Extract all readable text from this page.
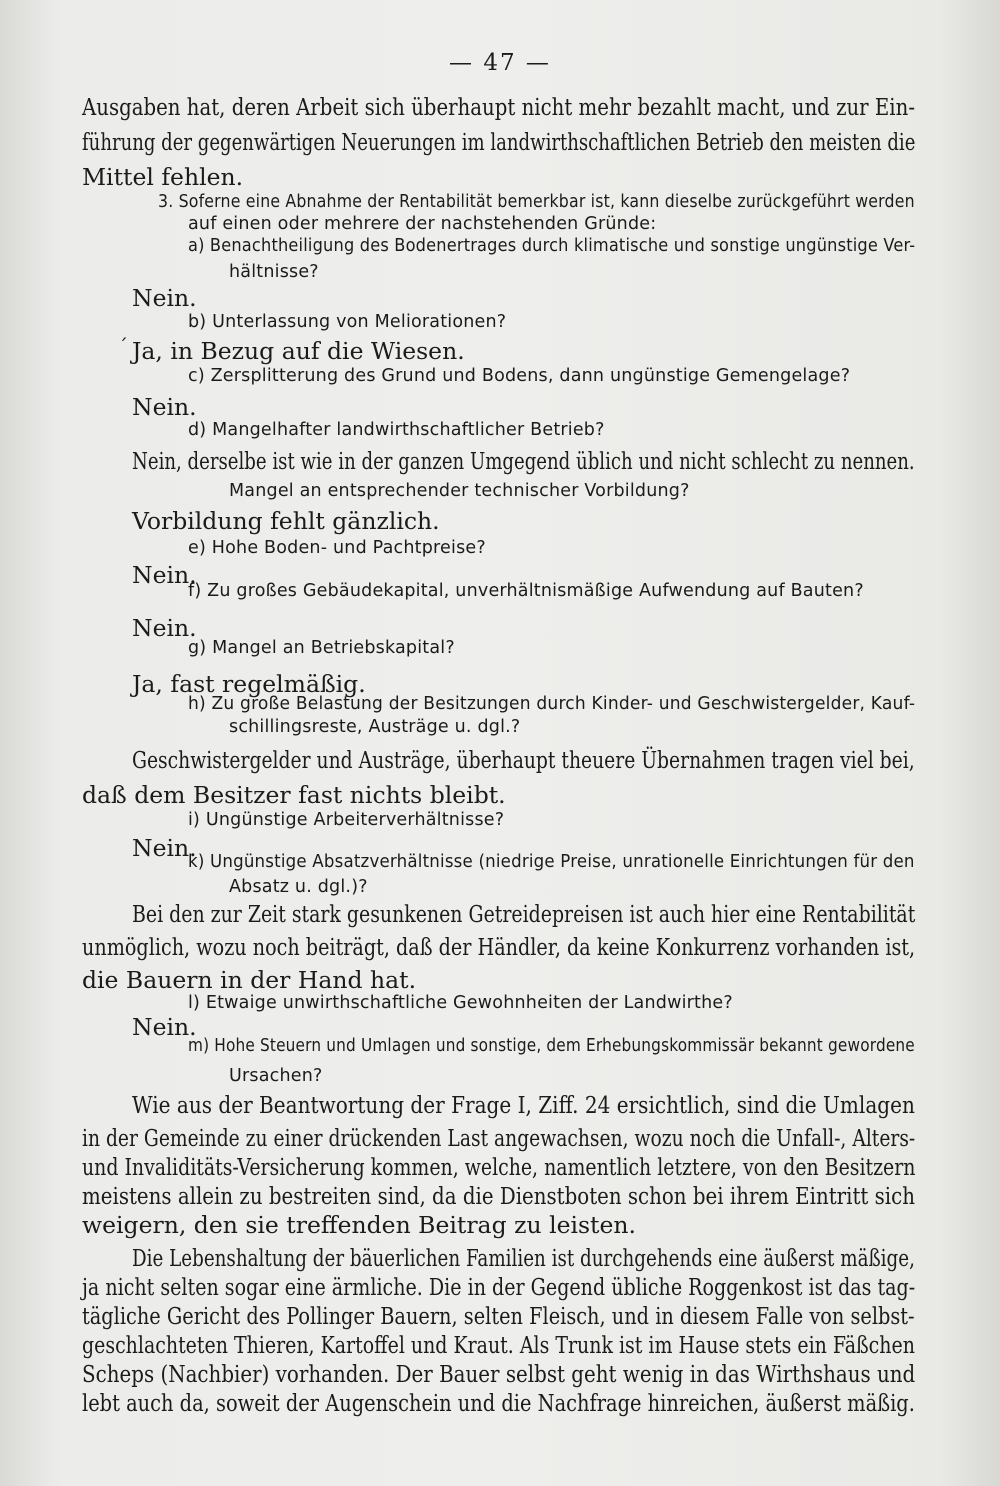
— 47 —
Ausgaben hat, deren Arbeit sich überhaupt nicht mehr bezahlt macht, und zur Ein-
führung der gegenwärtigen Neuerungen im landwirthschaftlichen Betrieb den meisten die
Mittel fehlen.
3. Soferne eine Abnahme der Rentabilität bemerkbar ist, kann dieselbe zurückgeführt werden
auf einen oder mehrere der nachstehenden Gründe:
a) Benachtheiligung des Bodenertrages durch klimatische und sonstige ungünstige Ver-
hältnisse?
Nein.
b) Unterlassung von Meliorationen?
´ Ja, in Bezug auf die Wiesen.
c) Zersplitterung des Grund und Bodens, dann ungünstige Gemengelage?
Nein.
d) Mangelhafter landwirthschaftlicher Betrieb?
Nein, derselbe ist wie in der ganzen Umgegend üblich und nicht schlecht zu nennen.
Mangel an entsprechender technischer Vorbildung?
Vorbildung fehlt gänzlich.
e) Hohe Boden- und Pachtpreise?
Nein.
f) Zu großes Gebäudekapital, unverhältnismäßige Aufwendung auf Bauten?
Nein.
g) Mangel an Betriebskapital?
Ja, fast regelmäßig.
h) Zu große Belastung der Besitzungen durch Kinder- und Geschwistergelder, Kauf-
schillingsreste, Austräge u. dgl.?
Geschwistergelder und Austräge, überhaupt theuere Übernahmen tragen viel bei,
daß dem Besitzer fast nichts bleibt.
i) Ungünstige Arbeiterverhältnisse?
Nein.
k) Ungünstige Absatzverhältnisse (niedrige Preise, unrationelle Einrichtungen für den
Absatz u. dgl.)?
Bei den zur Zeit stark gesunkenen Getreidepreisen ist auch hier eine Rentabilität
unmöglich, wozu noch beiträgt, daß der Händler, da keine Konkurrenz vorhanden ist,
die Bauern in der Hand hat.
l) Etwaige unwirthschaftliche Gewohnheiten der Landwirthe?
Nein.
m) Hohe Steuern und Umlagen und sonstige, dem Erhebungskommissär bekannt gewordene
Ursachen?
Wie aus der Beantwortung der Frage I, Ziff. 24 ersichtlich, sind die Umlagen
in der Gemeinde zu einer drückenden Last angewachsen, wozu noch die Unfall-, Alters-
und Invaliditäts-Versicherung kommen, welche, namentlich letztere, von den Besitzern
meistens allein zu bestreiten sind, da die Dienstboten schon bei ihrem Eintritt sich
weigern, den sie treffenden Beitrag zu leisten.
Die Lebenshaltung der bäuerlichen Familien ist durchgehends eine äußerst mäßige,
ja nicht selten sogar eine ärmliche. Die in der Gegend übliche Roggenkost ist das tag-
tägliche Gericht des Pollinger Bauern, selten Fleisch, und in diesem Falle von selbst-
geschlachteten Thieren, Kartoffel und Kraut. Als Trunk ist im Hause stets ein Fäßchen
Scheps (Nachbier) vorhanden. Der Bauer selbst geht wenig in das Wirthshaus und
lebt auch da, soweit der Augenschein und die Nachfrage hinreichen, äußerst mäßig.
